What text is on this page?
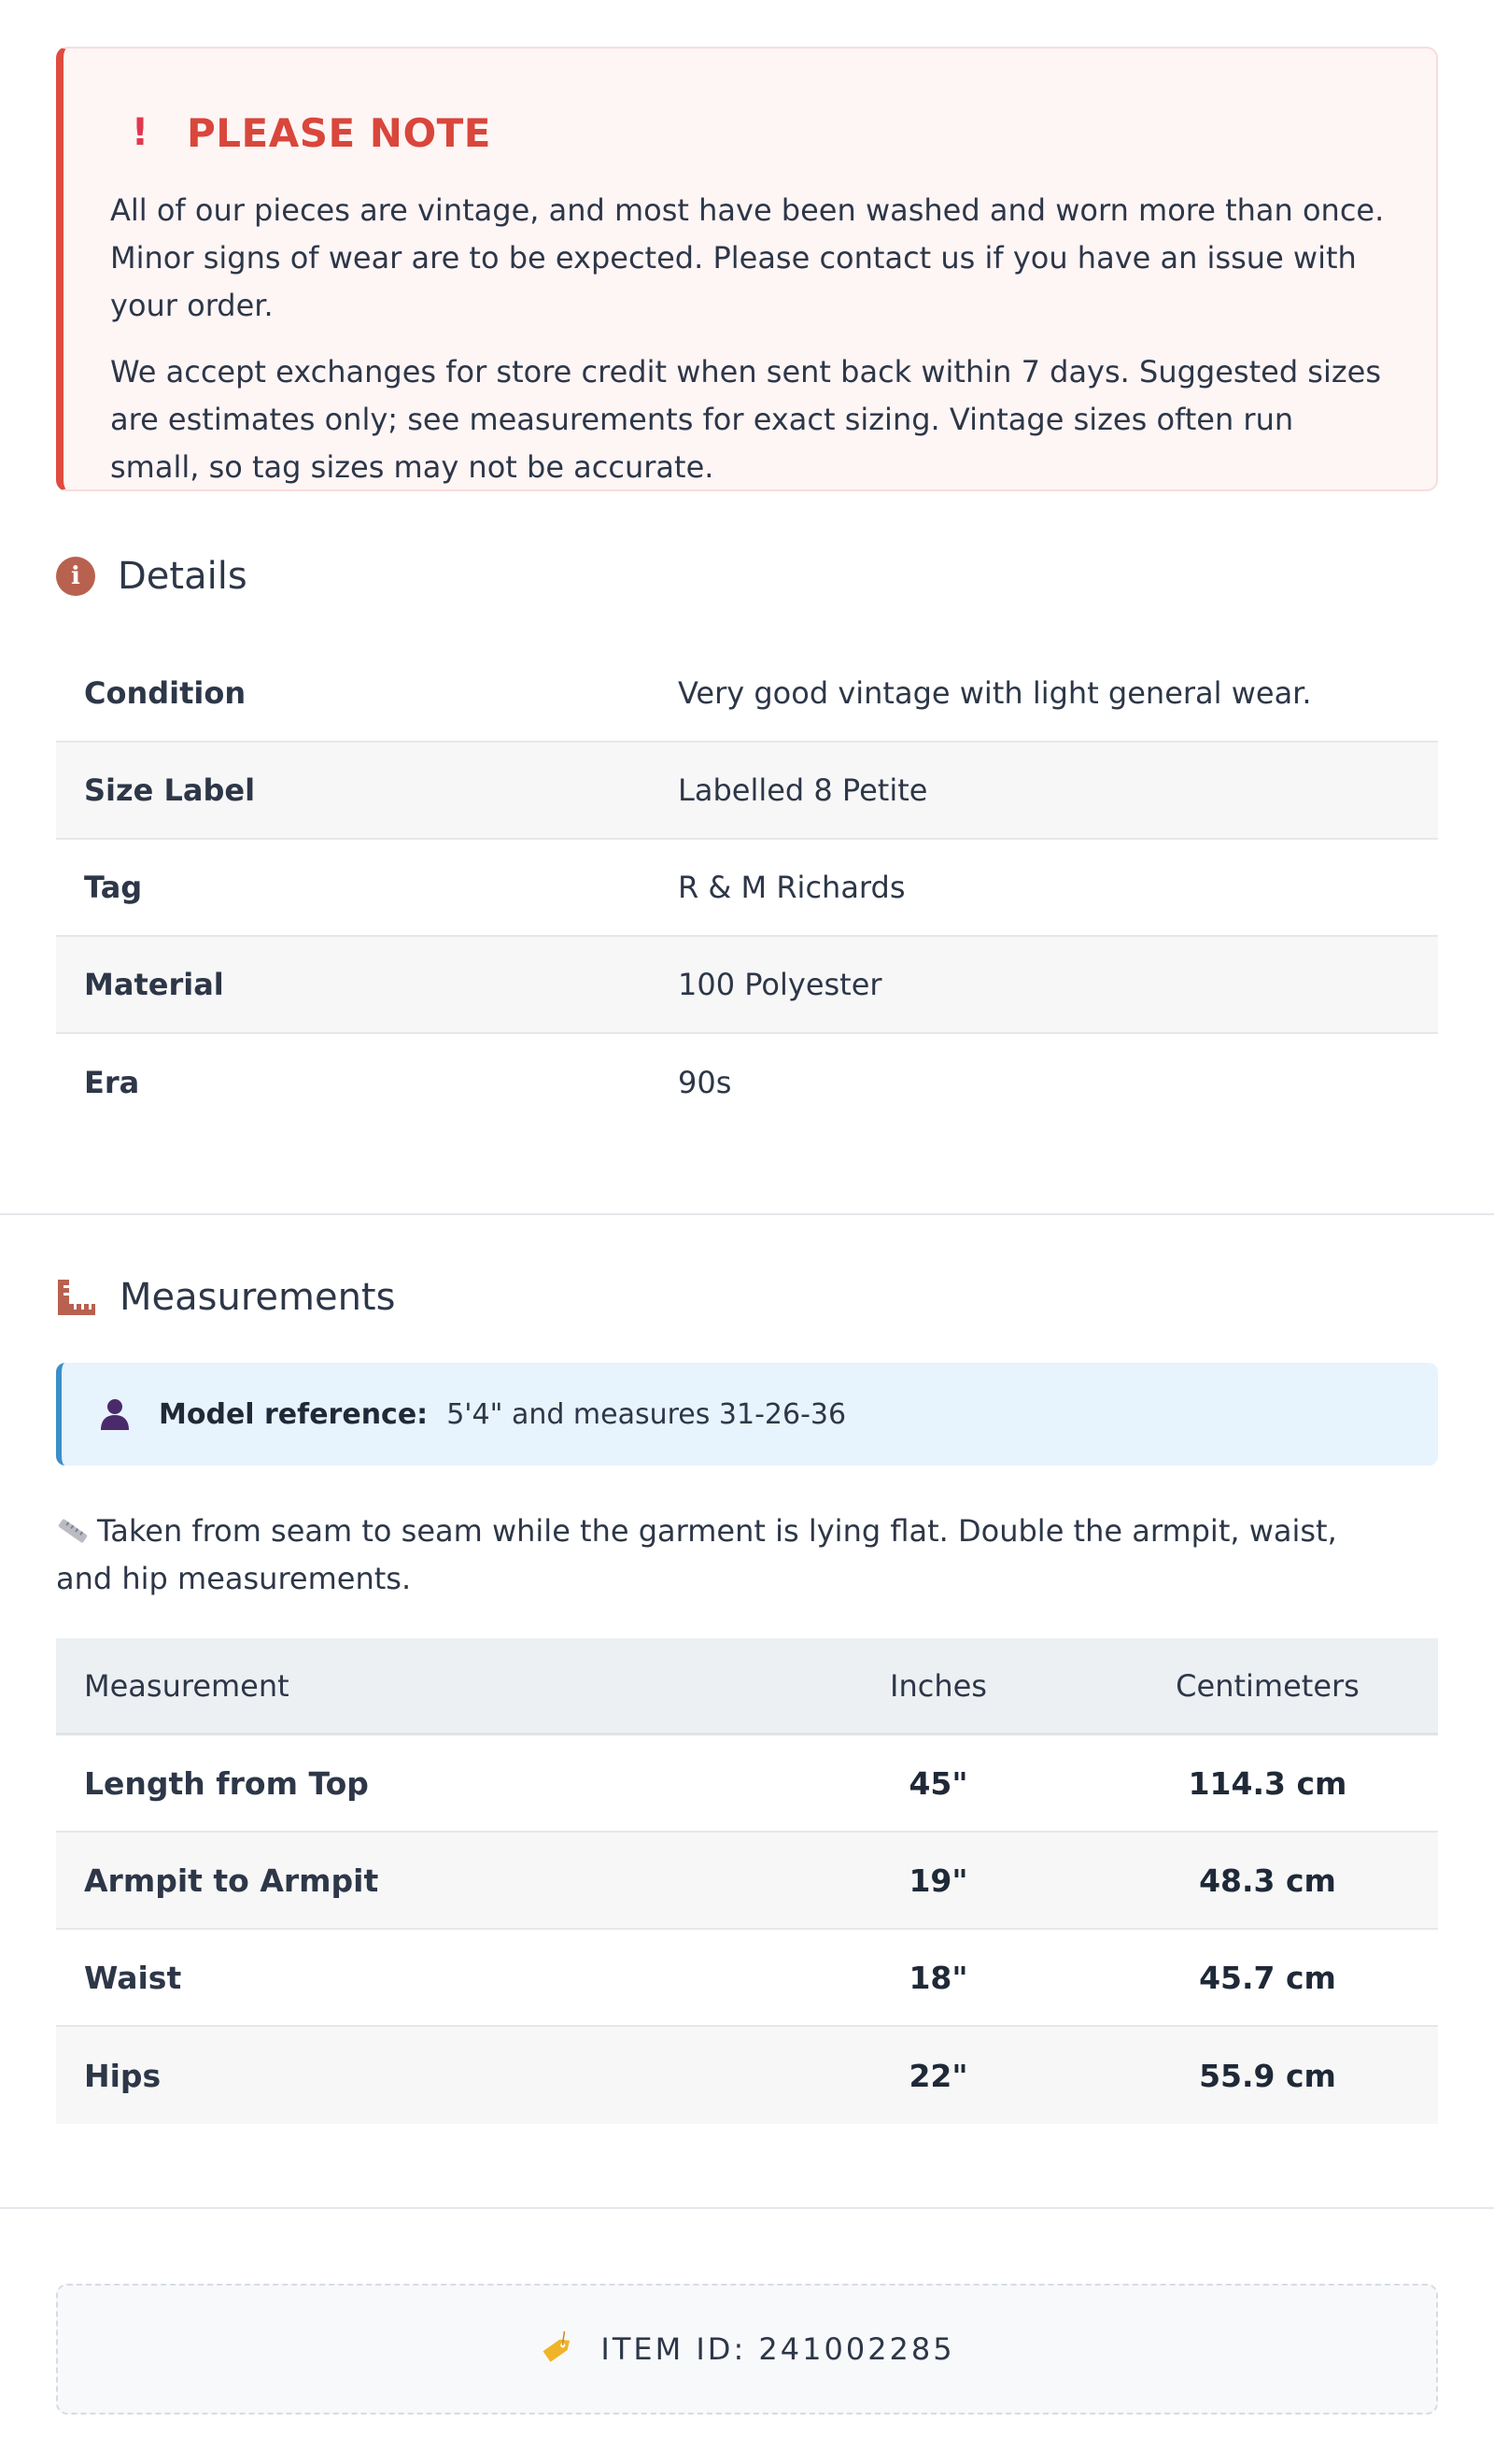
! PLEASE NOTE

All of our pieces are vintage, and most have been washed and worn more than once. Minor signs of wear are to be expected. Please contact us if you have an issue with your order.

We accept exchanges for store credit when sent back within 7 days. Suggested sizes are estimates only; see measurements for exact sizing. Vintage sizes often run small, so tag sizes may not be accurate.

i	Details
Condition	Very good vintage with light general wear.
Size Label	Labelled 8 Petite
Tag	R & M Richards
Material	100 Polyester
Era	90s
Measurements
Model reference: 5'4" and measures 31-26-36
Taken from seam to seam while the garment is lying flat. Double the armpit, waist, and hip measurements.
Measurement	Inches	Centimeters
Length from Top	45"	114.3 cm
Armpit to Armpit	19"	48.3 cm
Waist	18"	45.7 cm
Hips	22"	55.9 cm
ITEM ID: 241002285
